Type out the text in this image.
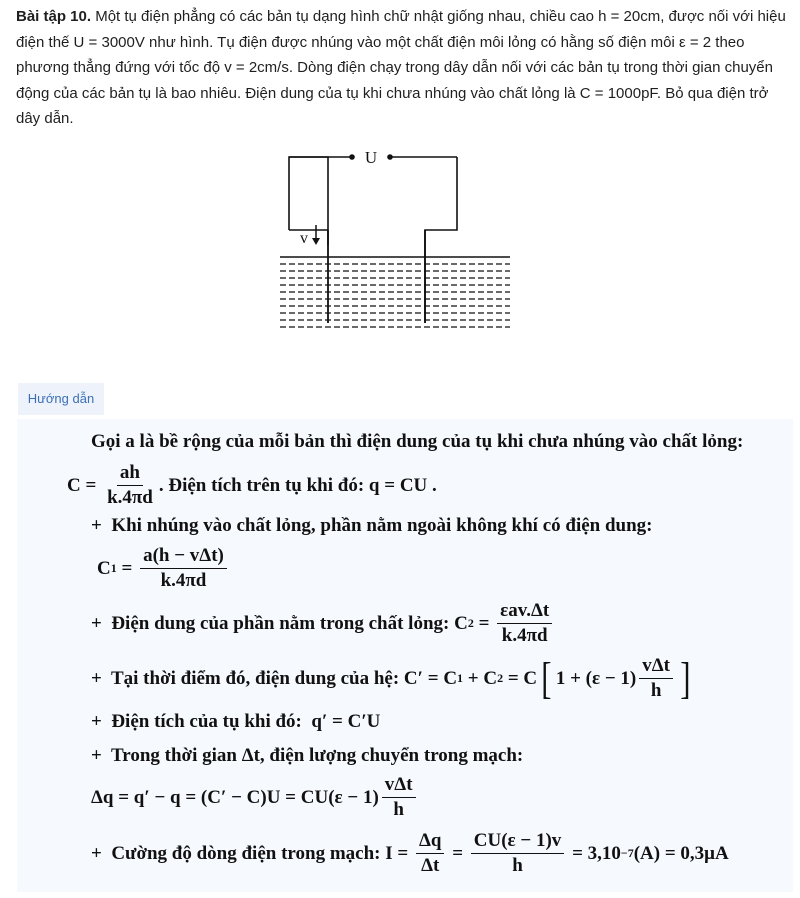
Bài tập 10. Một tụ điện phẳng có các bản tụ dạng hình chữ nhật giống nhau, chiều cao h = 20cm, được nối với hiệu điện thế U = 3000V như hình. Tụ điện được nhúng vào một chất điện môi lỏng có hằng số điện môi ε = 2 theo phương thẳng đứng với tốc độ v = 2cm/s. Dòng điện chạy trong dây dẫn nối với các bản tụ trong thời gian chuyển động của các bản tụ là bao nhiêu. Điện dung của tụ khi chưa nhúng vào chất lỏng là C = 1000pF. Bỏ qua điện trở dây dẫn.
U
v
Hướng dẫn
Gọi a là bề rộng của mỗi bản thì điện dung của tụ khi chưa nhúng vào chất lỏng:
$C = \frac{ah}{k.4\pi d}$ . Điện tích trên tụ khi đó: q = CU .
+  Khi nhúng vào chất lỏng, phần nằm ngoài không khí có điện dung:
C $1 = \frac{\text{a(h − vΔt)}}{k.4\pi d}$
+  Điện dung của phần nằm trong chất lỏng: C $2 = \frac{\text{εav.Δt}}{k.4\pi d}$
+  Tại thời điểm đó, điện dung của hệ: C′ = C 1 + C 2 = C [ $1 + (\varepsilon - 1) \frac{\text{vΔt}}{h}$ ]
+  Điện tích của tụ khi đó:  q′ = C′U
+  Trong thời gian Δt, điện lượng chuyển trong mạch:
$\Delta q = q' - q = (C' - C)U = CU(\varepsilon - 1) \frac{\text{vΔt}}{h}$
+  Cường độ dòng điện trong mạch: $I = \frac{\Delta q}{\Delta t} = \frac{CU(\varepsilon - 1)v}{h} = 3,10 -7$ (A) = 0,3μA
